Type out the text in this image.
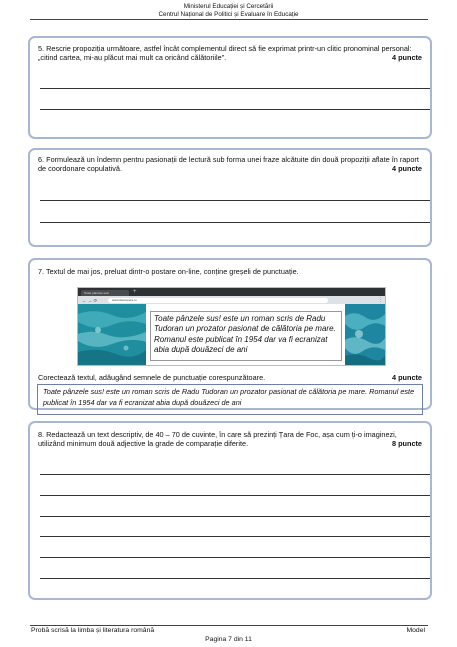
Ministerul Educației și Cercetării
Centrul Național de Politici și Evaluare în Educație
5. Rescrie propoziția următoare, astfel încât complementul direct să fie exprimat printr-un clitic pronominal personal: „citind cartea, mi-au plăcut mai mult ca oricând călătoriile”.	4 puncte
6. Formulează un îndemn pentru pasionații de lectură sub forma unei fraze alcătuite din două propoziții aflate în raport de coordonare copulativă.	4 puncte
7. Textul de mai jos, preluat dintr-o postare on-line, conține greșeli de punctuație.
Toate pânzele sus!	+
← → ⟳	www.descopera.ro	⋮
Toate pânzele sus! este un roman scris de Radu Tudoran un prozator pasionat de călătoria pe mare. Romanul este publicat în 1954 dar va fi ecranizat abia după douăzeci de ani
Corectează textul, adăugând semnele de punctuație corespunzătoare.	4 puncte
Toate pânzele sus! este un roman scris de Radu Tudoran un prozator pasionat de călătoria pe mare. Romanul este publicat în 1954 dar va fi ecranizat abia după douăzeci de ani
8. Redactează un text descriptiv, de 40 – 70 de cuvinte, în care să prezinți Țara de Foc, așa cum ți-o imaginezi, utilizând minimum două adjective la grade de comparație diferite.	8 puncte
Probă scrisă la limba și literatura română	Model
Pagina 7 din 11
